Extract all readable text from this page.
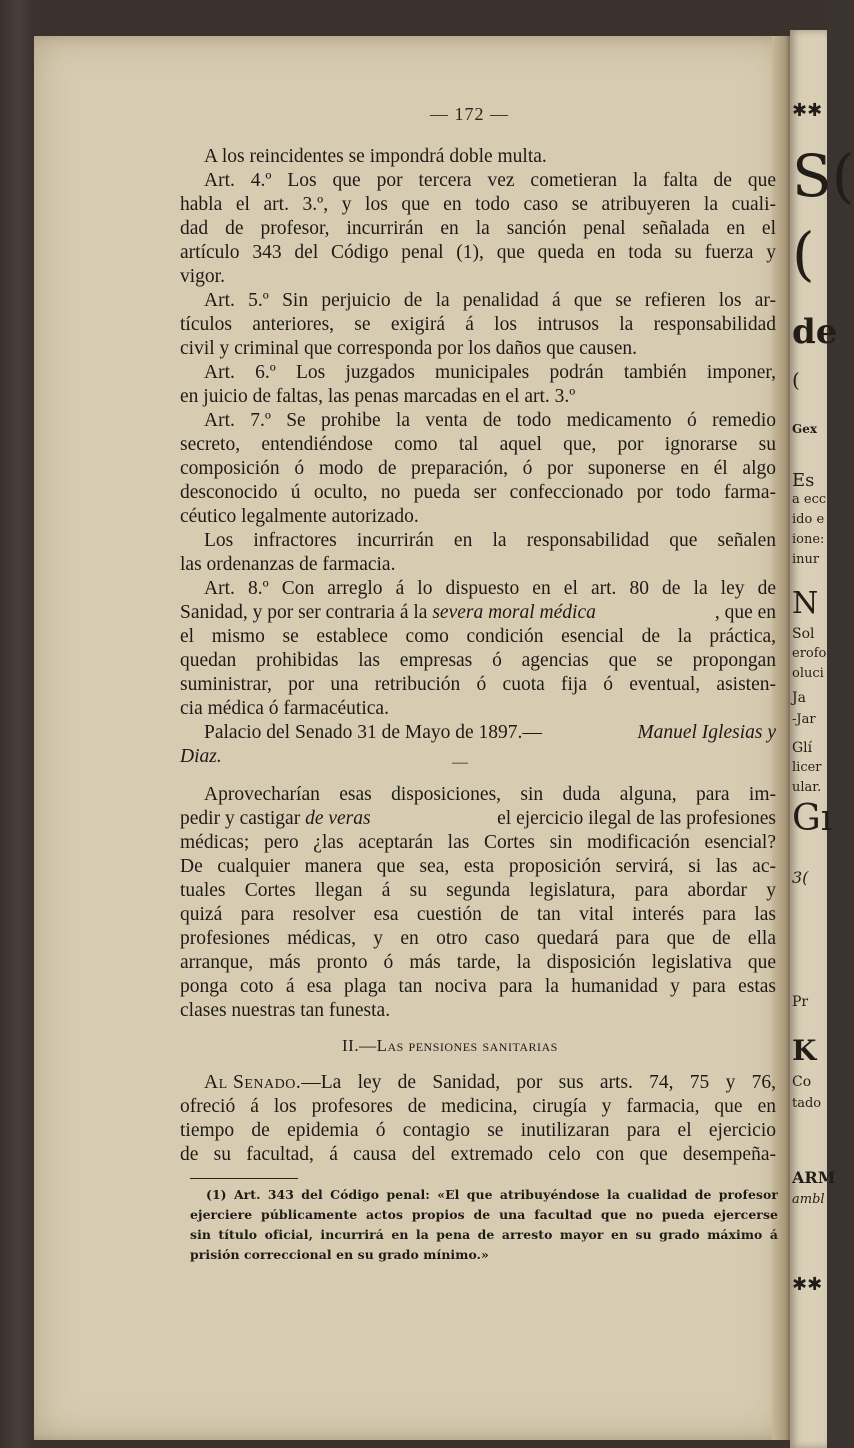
✱✱
S(
(
de
(
Gex
Es
a ecc
ido e
ione:
inur
N
Sol
erofo
oluci
Ja
-Jar
Glí
licer
ular.
Gı
3(
Pr
K
Co
tado
ARM
ambl
✱✱
— 172 —
A los reincidentes se impondrá doble multa.
Art. 4.º Los que por tercera vez cometieran la falta de que
habla el art. 3.º, y los que en todo caso se atribuyeren la cuali-
dad de profesor, incurrirán en la sanción penal señalada en el
artículo 343 del Código penal (1), que queda en toda su fuerza y
vigor.
Art. 5.º Sin perjuicio de la penalidad á que se refieren los ar-
tículos anteriores, se exigirá á los intrusos la responsabilidad
civil y criminal que corresponda por los daños que causen.
Art. 6.º Los juzgados municipales podrán también imponer,
en juicio de faltas, las penas marcadas en el art. 3.º
Art. 7.º Se prohibe la venta de todo medicamento ó remedio
secreto, entendiéndose como tal aquel que, por ignorarse su
composición ó modo de preparación, ó por suponerse en él algo
desconocido ú oculto, no pueda ser confeccionado por todo farma-
céutico legalmente autorizado.
Los infractores incurrirán en la responsabilidad que señalen
las ordenanzas de farmacia.
Art. 8.º Con arreglo á lo dispuesto en el art. 80 de la ley de
Sanidad, y por ser contraria á la severa moral médica	, que en
el mismo se establece como condición esencial de la práctica,
quedan prohibidas las empresas ó agencias que se propongan
suministrar, por una retribución ó cuota fija ó eventual, asisten-
cia médica ó farmacéutica.
Palacio del Senado 31 de Mayo de 1897.—	Manuel Iglesias y
Diaz.	—
Aprovecharían esas disposiciones, sin duda alguna, para im-
pedir y castigar de veras	el ejercicio ilegal de las profesiones
médicas; pero ¿las aceptarán las Cortes sin modificación esencial?
De cualquier manera que sea, esta proposición servirá, si las ac-
tuales Cortes llegan á su segunda legislatura, para abordar y
quizá para resolver esa cuestión de tan vital interés para las
profesiones médicas, y en otro caso quedará para que de ella
arranque, más pronto ó más tarde, la disposición legislativa que
ponga coto á esa plaga tan nociva para la humanidad y para estas
clases nuestras tan funesta.
II.—Las pensiones sanitarias
Al Senado. —La ley de Sanidad, por sus arts. 74, 75 y 76,
ofreció á los profesores de medicina, cirugía y farmacia, que en
tiempo de epidemia ó contagio se inutilizaran para el ejercicio
de su facultad, á causa del extremado celo con que desempeña-
(1) Art. 343 del Código penal: «El que atribuyéndose la cualidad de profesor
ejerciere públicamente actos propios de una facultad que no pueda ejercerse
sin título oficial, incurrirá en la pena de arresto mayor en su grado máximo á
prisión correccional en su grado mínimo.»
